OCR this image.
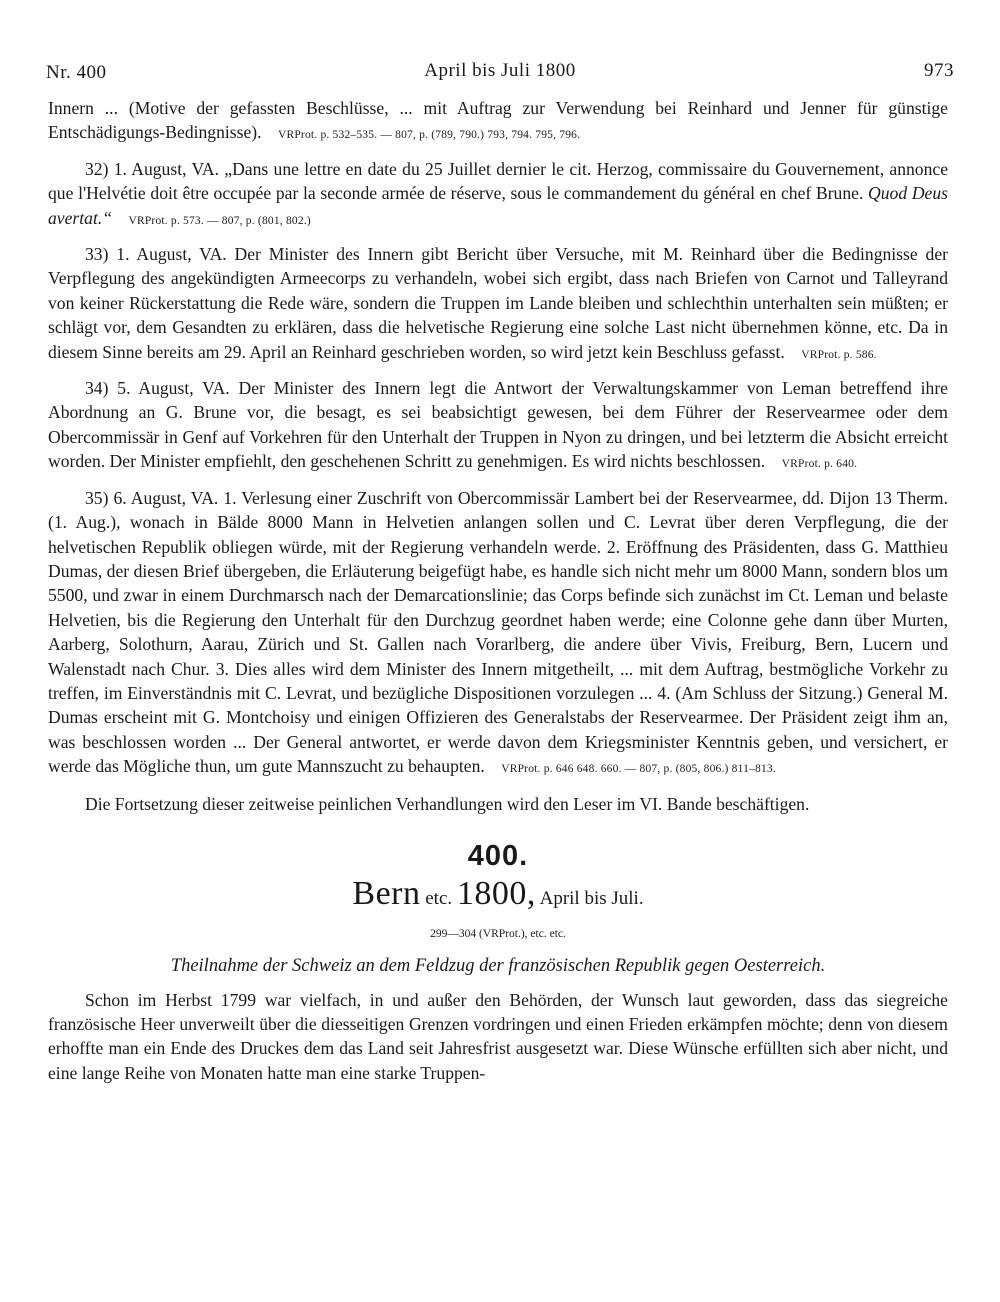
Nr. 400	April bis Juli 1800	973

Innern ... (Motive der gefassten Beschlüsse, ... mit Auftrag zur Verwendung bei Reinhard und Jenner für günstige Entschädigungs-Bedingnisse). VRProt. p. 532–535. — 807, p. (789, 790.) 793, 794. 795, 796.

32) 1. August, VA. „Dans une lettre en date du 25 Juillet dernier le cit. Herzog, commissaire du Gouvernement, annonce que l'Helvétie doit être occupée par la seconde armée de réserve, sous le commandement du général en chef Brune. Quod Deus avertat.“ VRProt. p. 573. — 807, p. (801, 802.)

33) 1. August, VA. Der Minister des Innern gibt Bericht über Versuche, mit M. Reinhard über die Bedingnisse der Verpflegung des angekündigten Armeecorps zu verhandeln, wobei sich ergibt, dass nach Briefen von Carnot und Talleyrand von keiner Rückerstattung die Rede wäre, sondern die Truppen im Lande bleiben und schlechthin unterhalten sein müßten; er schlägt vor, dem Gesandten zu erklären, dass die helvetische Regierung eine solche Last nicht übernehmen könne, etc. Da in diesem Sinne bereits am 29. April an Reinhard geschrieben worden, so wird jetzt kein Beschluss gefasst. VRProt. p. 586.

34) 5. August, VA. Der Minister des Innern legt die Antwort der Verwaltungskammer von Leman betreffend ihre Abordnung an G. Brune vor, die besagt, es sei beabsichtigt gewesen, bei dem Führer der Reservearmee oder dem Obercommissär in Genf auf Vorkehren für den Unterhalt der Truppen in Nyon zu dringen, und bei letzterm die Absicht erreicht worden. Der Minister empfiehlt, den geschehenen Schritt zu genehmigen. Es wird nichts beschlossen. VRProt. p. 640.

35) 6. August, VA. 1. Verlesung einer Zuschrift von Obercommissär Lambert bei der Reservearmee, dd. Dijon 13 Therm. (1. Aug.), wonach in Bälde 8000 Mann in Helvetien anlangen sollen und C. Levrat über deren Verpflegung, die der helvetischen Republik obliegen würde, mit der Regierung verhandeln werde. 2. Eröffnung des Präsidenten, dass G. Matthieu Dumas, der diesen Brief übergeben, die Erläuterung beigefügt habe, es handle sich nicht mehr um 8000 Mann, sondern blos um 5500, und zwar in einem Durchmarsch nach der Demarcationslinie; das Corps befinde sich zunächst im Ct. Leman und belaste Helvetien, bis die Regierung den Unterhalt für den Durchzug geordnet haben werde; eine Colonne gehe dann über Murten, Aarberg, Solothurn, Aarau, Zürich und St. Gallen nach Vorarlberg, die andere über Vivis, Freiburg, Bern, Lucern und Walenstadt nach Chur. 3. Dies alles wird dem Minister des Innern mitgetheilt, ... mit dem Auftrag, bestmögliche Vorkehr zu treffen, im Einverständnis mit C. Levrat, und bezügliche Dispositionen vorzulegen ... 4. (Am Schluss der Sitzung.) General M. Dumas erscheint mit G. Montchoisy und einigen Offizieren des Generalstabs der Reservearmee. Der Präsident zeigt ihm an, was beschlossen worden ... Der General antwortet, er werde davon dem Kriegsminister Kenntnis geben, und versichert, er werde das Mögliche thun, um gute Mannszucht zu behaupten. VRProt. p. 646 648. 660. — 807, p. (805, 806.) 811–813.

Die Fortsetzung dieser zeitweise peinlichen Verhandlungen wird den Leser im VI. Bande beschäftigen.

400.
Bern etc. 1800, April bis Juli.
299—304 (VRProt.), etc. etc.
Theilnahme der Schweiz an dem Feldzug der französischen Republik gegen Oesterreich.

Schon im Herbst 1799 war vielfach, in und außer den Behörden, der Wunsch laut geworden, dass das siegreiche französische Heer unverweilt über die diesseitigen Grenzen vordringen und einen Frieden erkämpfen möchte; denn von diesem erhoffte man ein Ende des Druckes dem das Land seit Jahresfrist ausgesetzt war. Diese Wünsche erfüllten sich aber nicht, und eine lange Reihe von Monaten hatte man eine starke Truppen-
